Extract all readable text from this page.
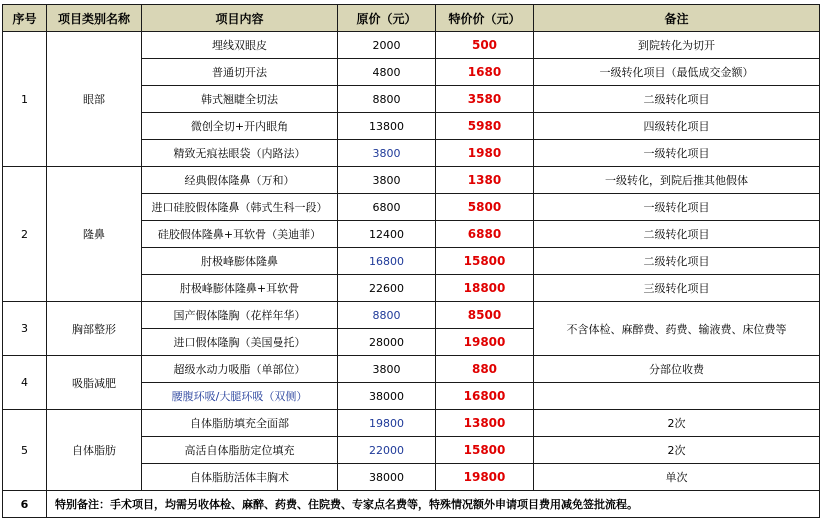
序号	项目类别名称	项目内容	原价（元）	特价价（元）	备注
1	眼部	埋线双眼皮	2000	500	到院转化为切开
		普通切开法	4800	1680	一级转化项目（最低成交金额）
		韩式翘睫全切法	8800	3580	二级转化项目
		微创全切+开内眼角	13800	5980	四级转化项目
		精致无痕祛眼袋（内路法）	3800	1980	一级转化项目
2	隆鼻	经典假体隆鼻（万和）	3800	1380	一级转化，到院后推其他假体
		进口硅胶假体隆鼻（韩式生科一段）	6800	5800	一级转化项目
		硅胶假体隆鼻+耳软骨（美迪菲）	12400	6880	二级转化项目
		肘极峰膨体隆鼻	16800	15800	二级转化项目
		肘极峰膨体隆鼻+耳软骨	22600	18800	三级转化项目
3	胸部整形	国产假体隆胸（花样年华）	8800	8500	不含体检、麻醉费、药费、输液费、床位费等
		进口假体隆胸（美国曼托）	28000	19800	
4	吸脂减肥	超级水动力吸脂（单部位）	3800	880	分部位收费
		腰腹环吸/大腿环吸（双侧）	38000	16800	
5	自体脂肪	自体脂肪填充全面部	19800	13800	2次
		高活自体脂肪定位填充	22000	15800	2次
		自体脂肪活体丰胸术	38000	19800	单次
6	特别备注：手术项目，均需另收体检、麻醉、药费、住院费、专家点名费等，特殊情况额外申请项目费用减免签批流程。				
